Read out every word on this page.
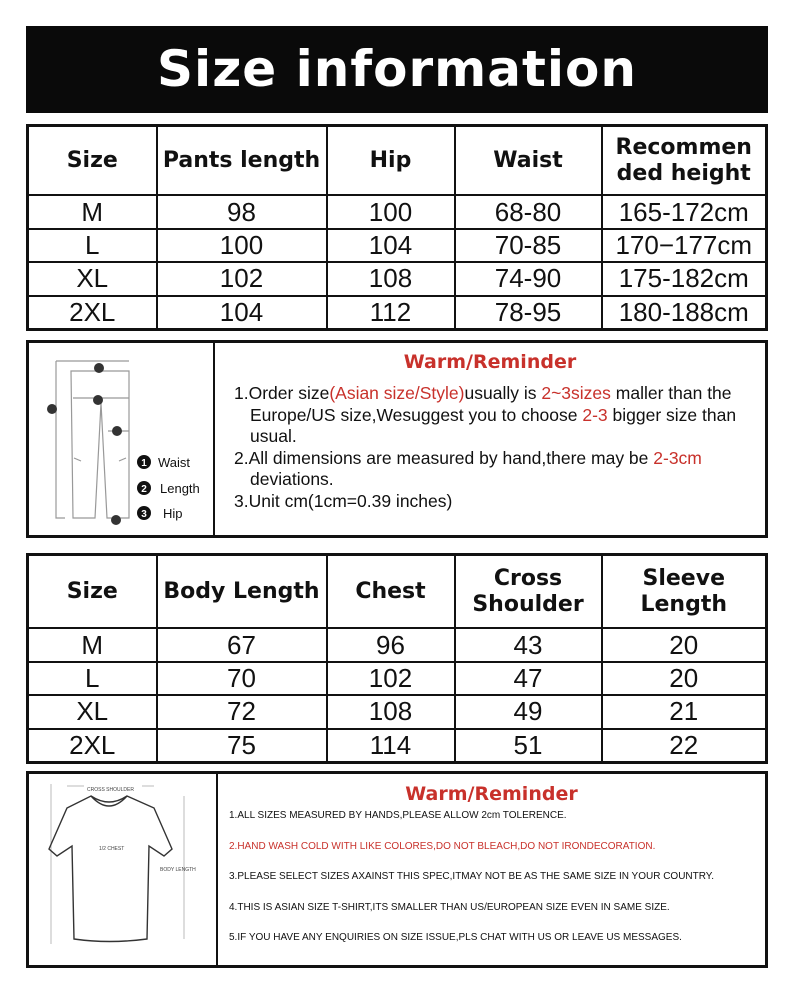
Size information
Size	Pants length	Hip	Waist	Recommen ded height
M	98	100	68-80	165-172cm
L	100	104	70-85	170−177cm
XL	102	108	74-90	175-182cm
2XL	104	112	78-95	180-188cm
1
2
3
Waist
Length
Hip
Warm/Reminder

1.Order size(Asian size/Style)usually is 2~3sizes maller than the Europe/US size,Wesuggest you to choose 2-3 bigger size than usual.

2.All dimensions are measured by hand,there may be 2-3cm deviations.

3.Unit cm(1cm=0.39 inches)

Size	Body Length	Chest	Cross Shoulder	Sleeve Length
M	67	96	43	20
L	70	102	47	20
XL	72	108	49	21
2XL	75	114	51	22
CROSS SHOULDER
1/2 CHEST
BODY LENGTH
Warm/Reminder

1.ALL SIZES MEASURED BY HANDS,PLEASE ALLOW 2cm TOLERENCE.

2.HAND WASH COLD WITH LIKE COLORES,DO NOT BLEACH,DO NOT IRONDECORATION.

3.PLEASE SELECT SIZES AXAINST THIS SPEC,ITMAY NOT BE AS THE SAME SIZE IN YOUR COUNTRY.

4.THIS IS ASIAN SIZE T-SHIRT,ITS SMALLER THAN US/EUROPEAN SIZE EVEN IN SAME SIZE.

5.IF YOU HAVE ANY ENQUIRIES ON SIZE ISSUE,PLS CHAT WITH US OR LEAVE US MESSAGES.
